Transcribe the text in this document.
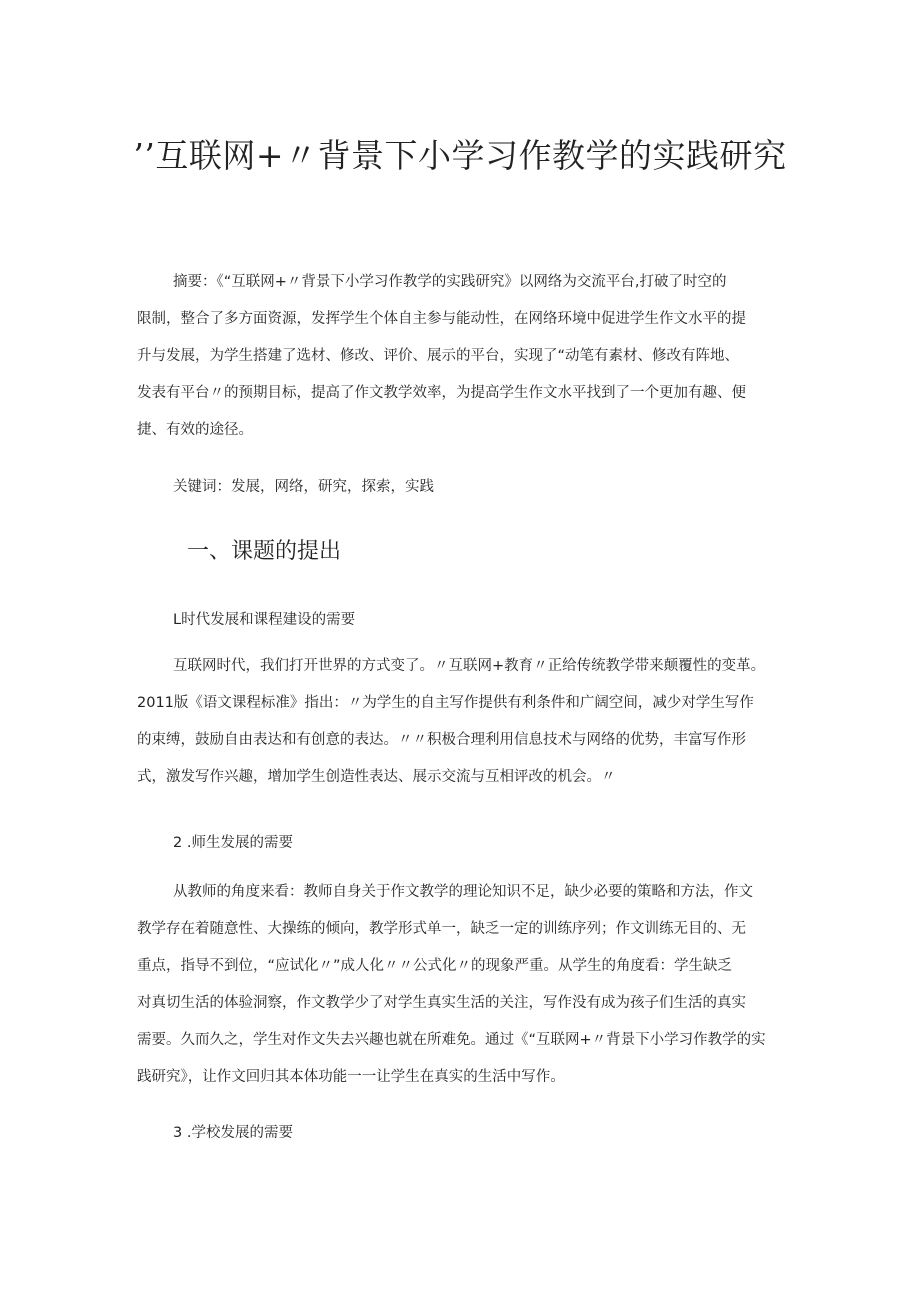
’’互联网+〃背景下小学习作教学的实践研究
摘要：《“互联网+〃背景下小学习作教学的实践研究》以网络为交流平台,打破了时空的
限制，整合了多方面资源，发挥学生个体自主参与能动性，在网络环境中促进学生作文水平的提
升与发展，为学生搭建了选材、修改、评价、展示的平台，实现了“动笔有素材、修改有阵地、
发表有平台〃的预期目标，提高了作文教学效率，为提高学生作文水平找到了一个更加有趣、便
捷、有效的途径。
关键词：发展，网络，研究，探索，实践
一、课题的提出
L时代发展和课程建设的需要
互联网时代，我们打开世界的方式变了。〃互联网+教育〃正给传统教学带来颠覆性的变革。
2011版《语文课程标准》指出：〃为学生的自主写作提供有利条件和广阔空间，减少对学生写作
的束缚，鼓励自由表达和有创意的表达。〃〃积极合理利用信息技术与网络的优势，丰富写作形
式，激发写作兴趣，增加学生创造性表达、展示交流与互相评改的机会。〃
2 .师生发展的需要
从教师的角度来看：教师自身关于作文教学的理论知识不足，缺少必要的策略和方法，作文
教学存在着随意性、大操练的倾向，教学形式单一，缺乏一定的训练序列；作文训练无目的、无
重点，指导不到位，“应试化〃”成人化〃〃公式化〃的现象严重。从学生的角度看：学生缺乏
对真切生活的体验洞察，作文教学少了对学生真实生活的关注，写作没有成为孩子们生活的真实
需要。久而久之，学生对作文失去兴趣也就在所难免。通过《“互联网+〃背景下小学习作教学的实
践研究》，让作文回归其本体功能一一让学生在真实的生活中写作。
3 .学校发展的需要
